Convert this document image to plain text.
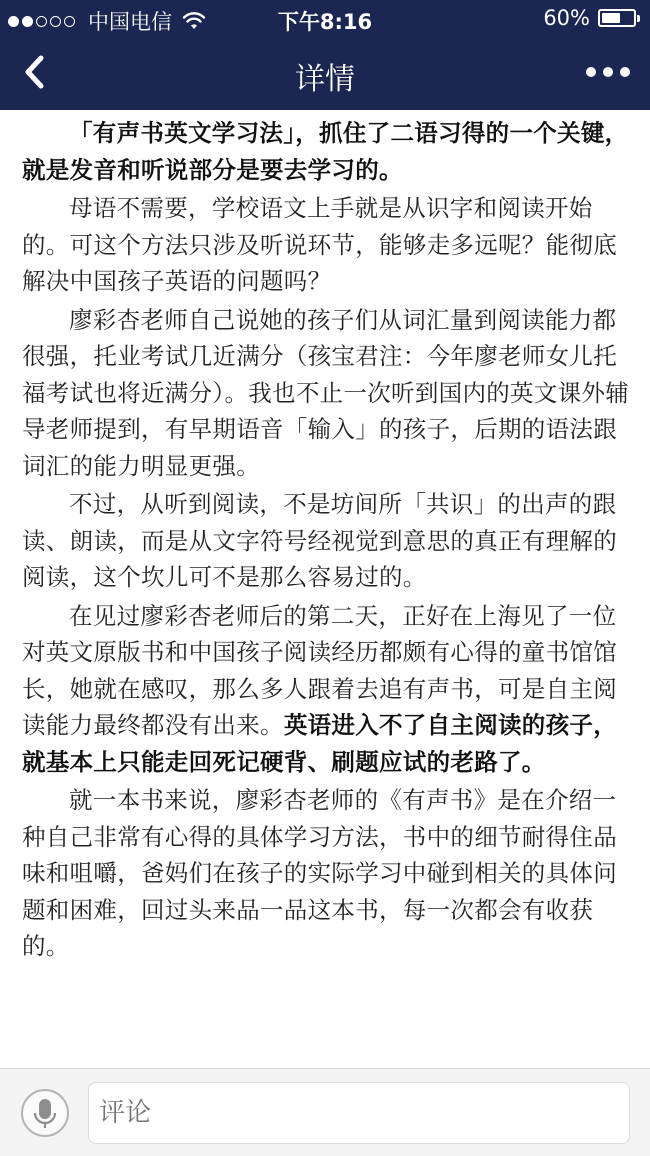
中国电信	下午8:16	60%
详情

「有声书英文学习法」，抓住了二语习得的一个关键，就是发音和听说部分是要去学习的。

母语不需要，学校语文上手就是从识字和阅读开始的。可这个方法只涉及听说环节，能够走多远呢？能彻底解决中国孩子英语的问题吗？

廖彩杏老师自己说她的孩子们从词汇量到阅读能力都很强，托业考试几近满分（孩宝君注：今年廖老师女儿托福考试也将近满分）。我也不止一次听到国内的英文课外辅导老师提到，有早期语音「输入」的孩子，后期的语法跟词汇的能力明显更强。

不过，从听到阅读，不是坊间所「共识」的出声的跟读、朗读，而是从文字符号经视觉到意思的真正有理解的阅读，这个坎儿可不是那么容易过的。

在见过廖彩杏老师后的第二天，正好在上海见了一位对英文原版书和中国孩子阅读经历都颇有心得的童书馆馆长，她就在感叹，那么多人跟着去追有声书，可是自主阅读能力最终都没有出来。英语进入不了自主阅读的孩子，就基本上只能走回死记硬背、刷题应试的老路了。

就一本书来说，廖彩杏老师的《有声书》是在介绍一种自己非常有心得的具体学习方法，书中的细节耐得住品味和咀嚼，爸妈们在孩子的实际学习中碰到相关的具体问题和困难，回过头来品一品这本书，每一次都会有收获的。

评论
